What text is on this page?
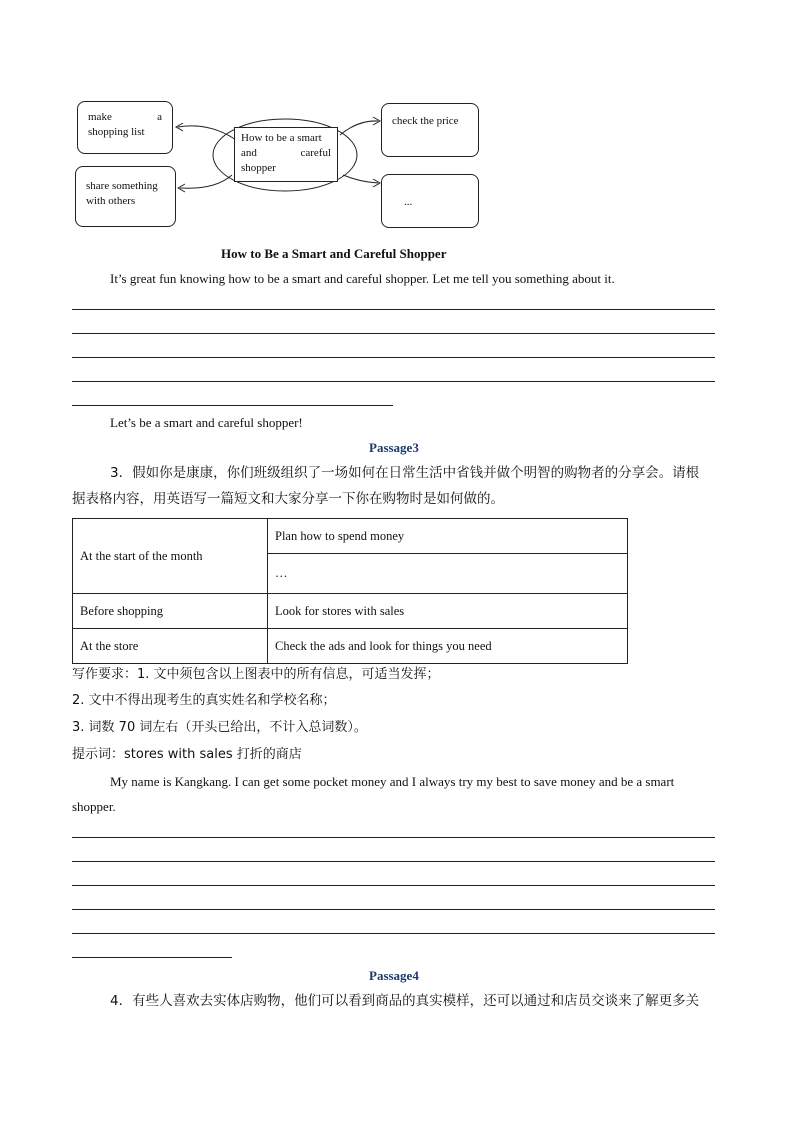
make	a
shopping list
share something
with others
How to be a smart
and	careful
shopper
check the price
...
How to Be a Smart and Careful Shopper
It’s great fun knowing how to be a smart and careful shopper. Let me tell you something about it.
Let’s be a smart and careful shopper!
Passage3
3．假如你是康康，你们班级组织了一场如何在日常生活中省钱并做个明智的购物者的分享会。请根
据表格内容，用英语写一篇短文和大家分享一下你在购物时是如何做的。
At the start of the month	Plan how to spend money
	…
Before shopping	Look for stores with sales
At the store	Check the ads and look for things you need
写作要求：1. 文中须包含以上图表中的所有信息，可适当发挥；
2. 文中不得出现考生的真实姓名和学校名称；
3. 词数 70 词左右（开头已给出，不计入总词数）。
提示词：stores with sales 打折的商店
My name is Kangkang. I can get some pocket money and I always try my best to save money and be a smart
shopper.
Passage4
4．有些人喜欢去实体店购物，他们可以看到商品的真实模样，还可以通过和店员交谈来了解更多关
